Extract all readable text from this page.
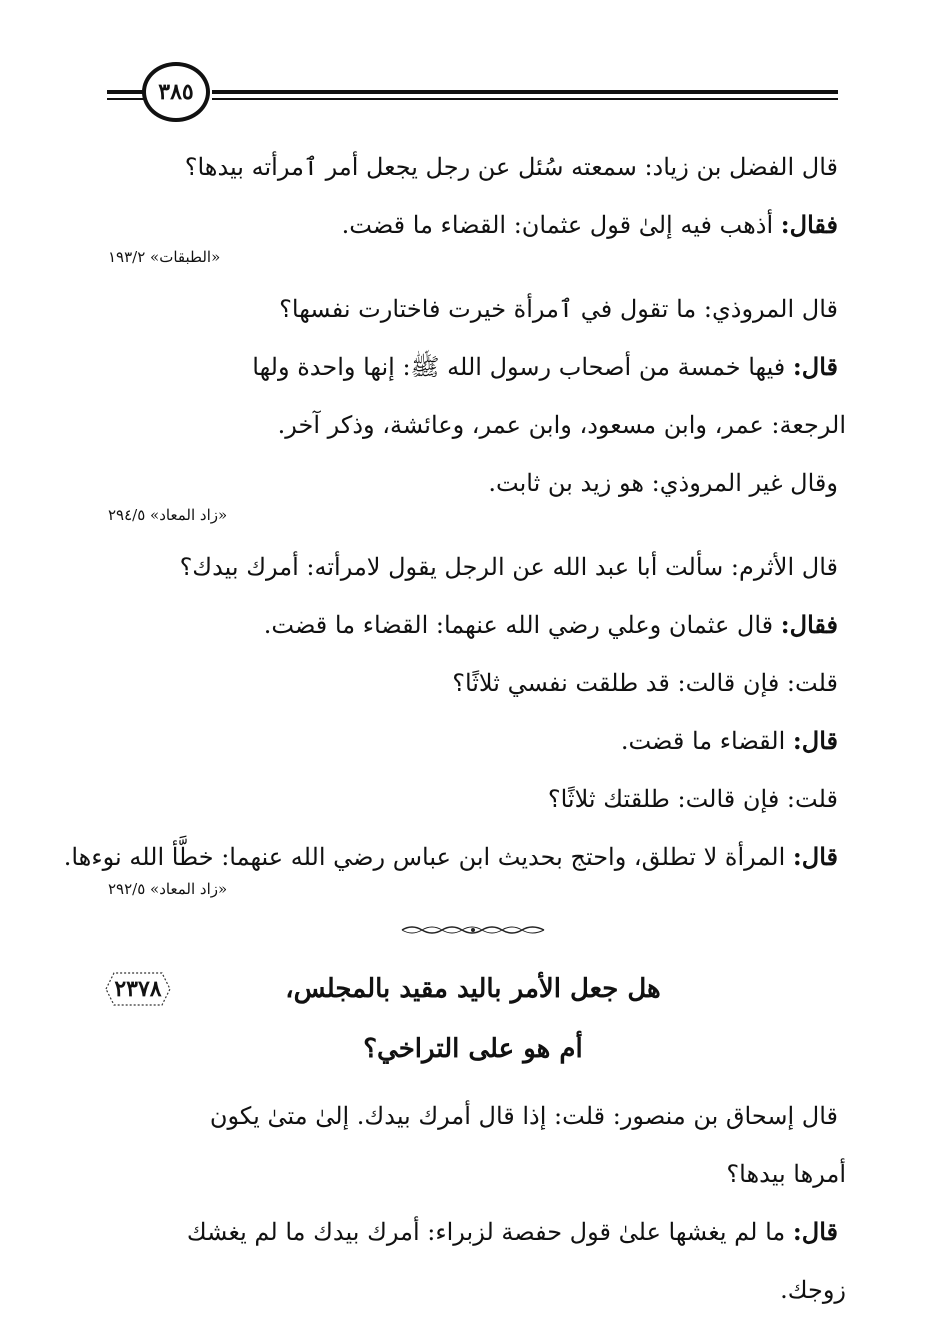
٣٨٥

قال الفضل بن زياد: سمعته سُئل عن رجل يجعل أمر ٱمرأته بيدها؟

فقال: أذهب فيه إلىٰ قول عثمان: القضاء ما قضت.

«الطبقات» ١٩٣/٢

قال المروذي: ما تقول في ٱمرأة خيرت فاختارت نفسها؟

قال: فيها خمسة من أصحاب رسول الله ﷺ: إنها واحدة ولها

الرجعة: عمر، وابن مسعود، وابن عمر، وعائشة، وذكر آخر.

وقال غير المروذي: هو زيد بن ثابت.

«زاد المعاد» ٢٩٤/٥

قال الأثرم: سألت أبا عبد الله عن الرجل يقول لامرأته: أمرك بيدك؟

فقال: قال عثمان وعلي رضي الله عنهما: القضاء ما قضت.

قلت: فإن قالت: قد طلقت نفسي ثلاثًا؟

قال: القضاء ما قضت.

قلت: فإن قالت: طلقتك ثلاثًا؟

قال: المرأة لا تطلق، واحتج بحديث ابن عباس رضي الله عنهما: خطَّأ الله نوءها.

«زاد المعاد» ٢٩٢/٥
٢٣٧٨	هل جعل الأمر باليد مقيد بالمجلس،
أم هو على التراخي؟

قال إسحاق بن منصور: قلت: إذا قال أمرك بيدك. إلىٰ متىٰ يكون

أمرها بيدها؟

قال: ما لم يغشها علىٰ قول حفصة لزبراء: أمرك بيدك ما لم يغشك

زوجك.
